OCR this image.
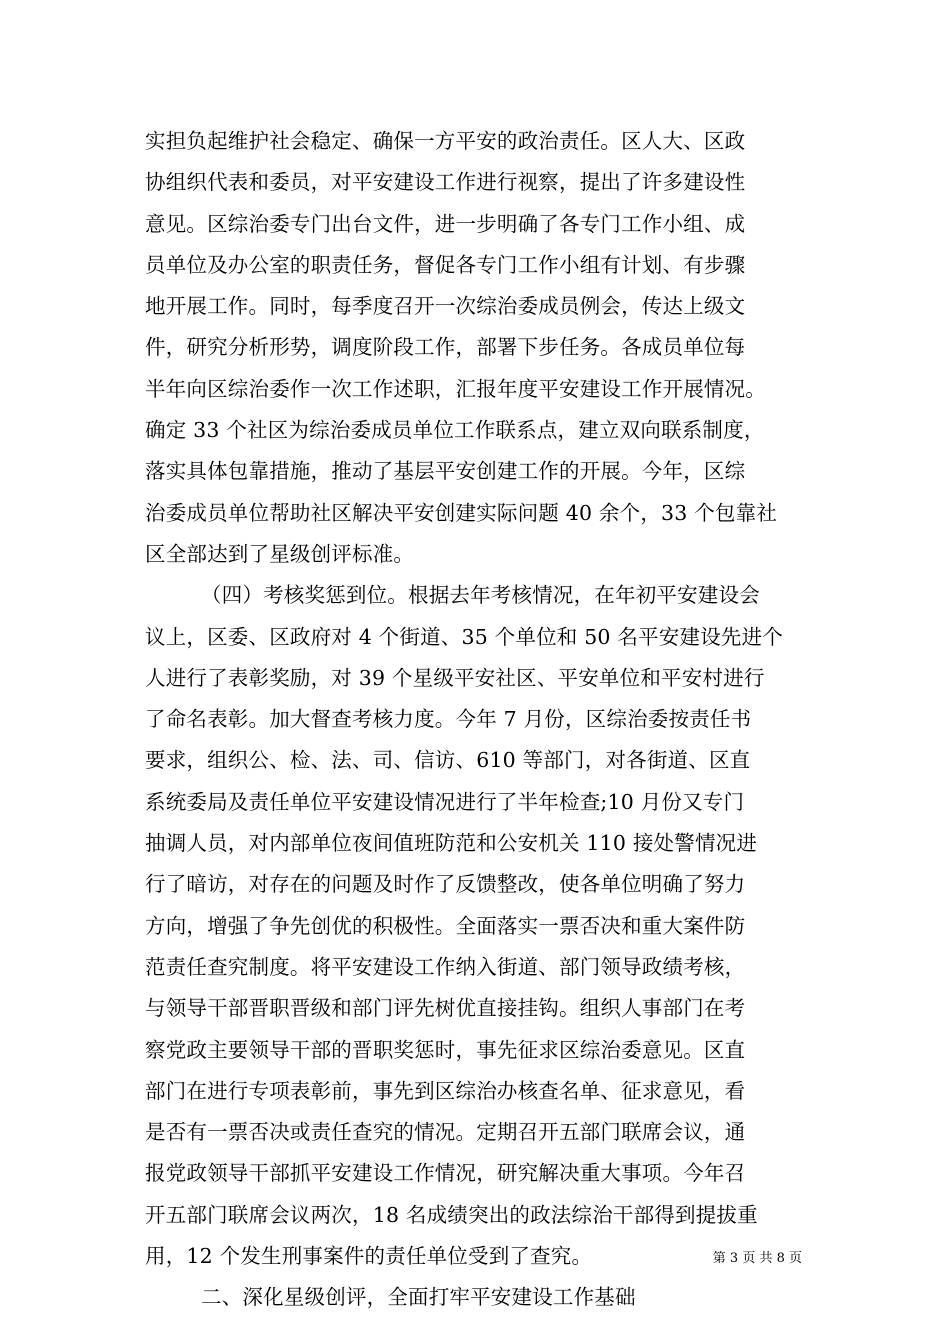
实担负起维护社会稳定、确保一方平安的政治责任。区人大、区政
协组织代表和委员，对平安建设工作进行视察，提出了许多建设性
意见。区综治委专门出台文件，进一步明确了各专门工作小组、成
员单位及办公室的职责任务，督促各专门工作小组有计划、有步骤
地开展工作。同时，每季度召开一次综治委成员例会，传达上级文
件，研究分析形势，调度阶段工作，部署下步任务。各成员单位每
半年向区综治委作一次工作述职，汇报年度平安建设工作开展情况。
确定 33 个社区为综治委成员单位工作联系点，建立双向联系制度，
落实具体包靠措施，推动了基层平安创建工作的开展。今年，区综
治委成员单位帮助社区解决平安创建实际问题 40 余个，33 个包靠社
区全部达到了星级创评标准。
（四）考核奖惩到位。根据去年考核情况，在年初平安建设会
议上，区委、区政府对 4 个街道、35 个单位和 50 名平安建设先进个
人进行了表彰奖励，对 39 个星级平安社区、平安单位和平安村进行
了命名表彰。加大督查考核力度。今年 7 月份，区综治委按责任书
要求，组织公、检、法、司、信访、610 等部门，对各街道、区直
系统委局及责任单位平安建设情况进行了半年检查;10 月份又专门
抽调人员，对内部单位夜间值班防范和公安机关 110 接处警情况进
行了暗访，对存在的问题及时作了反馈整改，使各单位明确了努力
方向，增强了争先创优的积极性。全面落实一票否决和重大案件防
范责任查究制度。将平安建设工作纳入街道、部门领导政绩考核，
与领导干部晋职晋级和部门评先树优直接挂钩。组织人事部门在考
察党政主要领导干部的晋职奖惩时，事先征求区综治委意见。区直
部门在进行专项表彰前，事先到区综治办核查名单、征求意见，看
是否有一票否决或责任查究的情况。定期召开五部门联席会议，通
报党政领导干部抓平安建设工作情况，研究解决重大事项。今年召
开五部门联席会议两次，18 名成绩突出的政法综治干部得到提拔重
用，12 个发生刑事案件的责任单位受到了查究。
二、深化星级创评，全面打牢平安建设工作基础
第 3 页 共 8 页
